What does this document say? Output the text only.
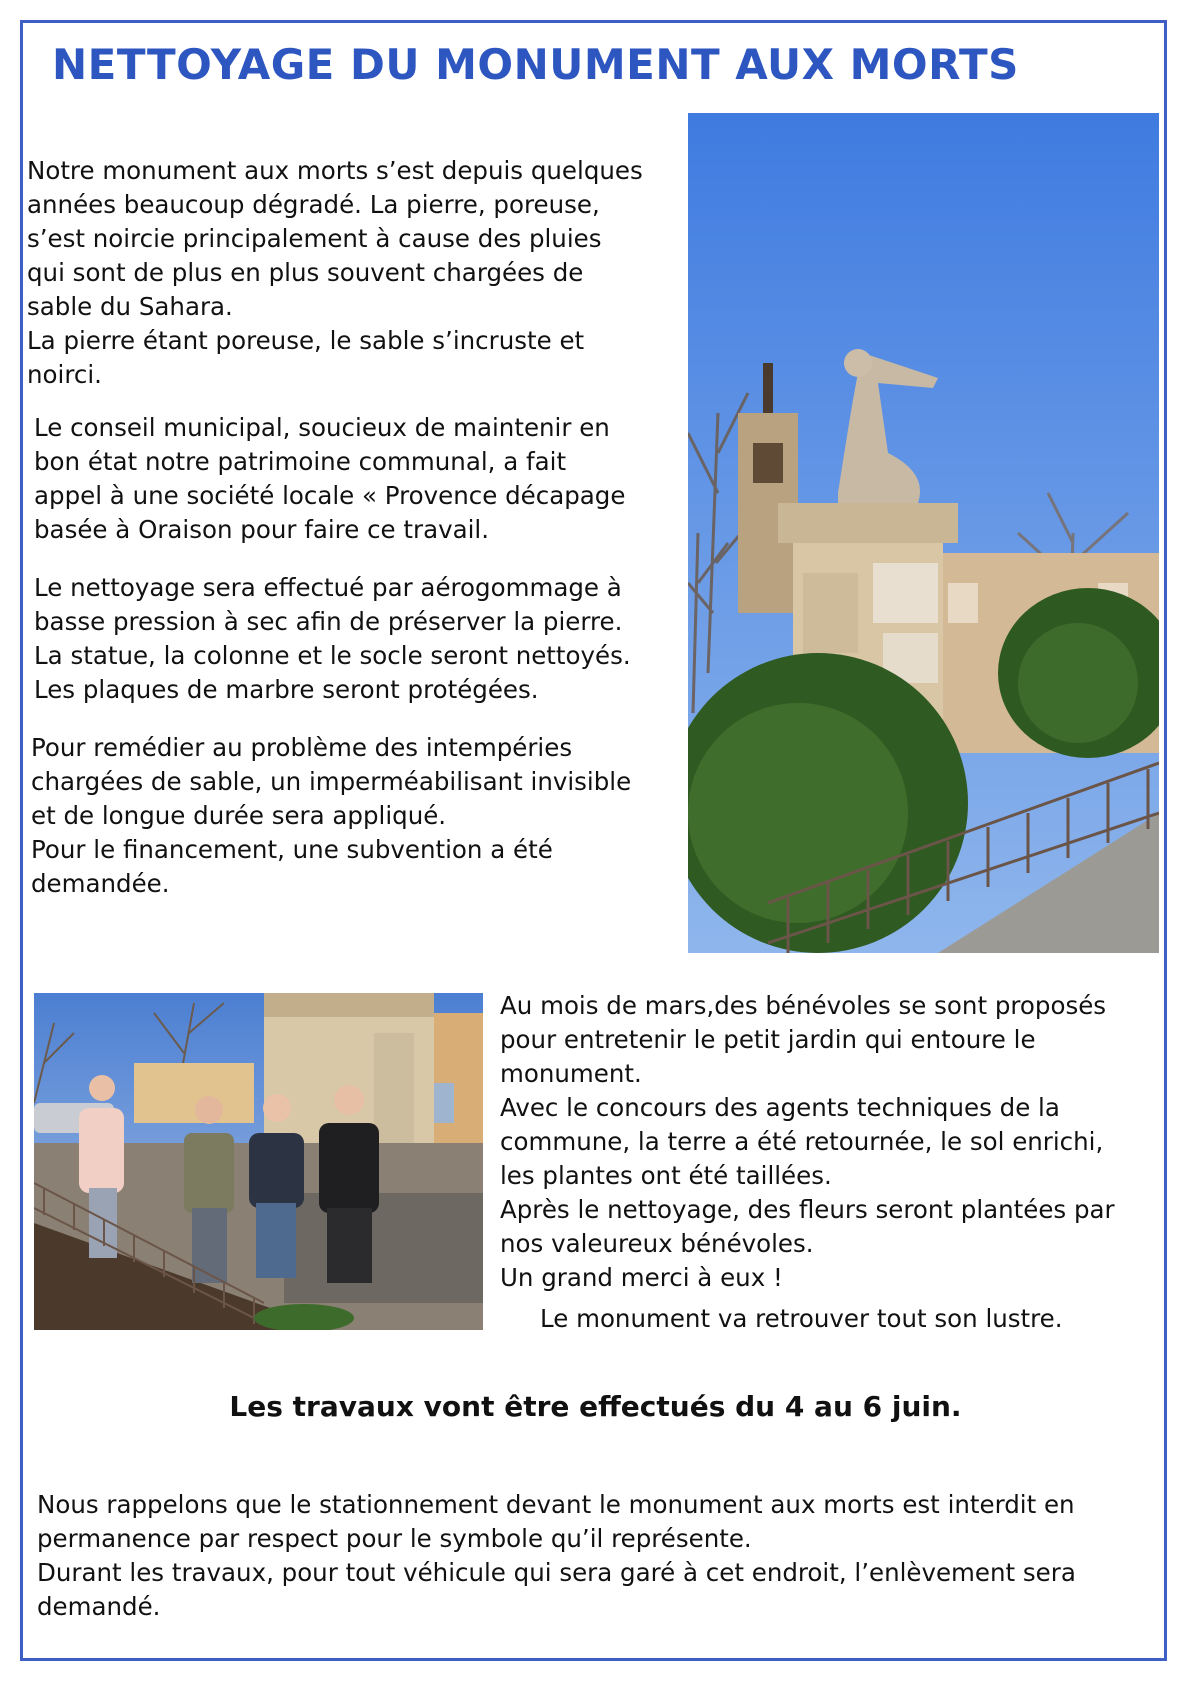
NETTOYAGE DU MONUMENT AUX MORTS

Notre monument aux morts s’est depuis quelques
années beaucoup dégradé. La pierre, poreuse,
s’est noircie principalement à cause des pluies
qui sont de plus en plus souvent chargées de
sable du Sahara.
La pierre étant poreuse, le sable s’incruste et
noirci.

Le conseil municipal, soucieux de maintenir en
bon état notre patrimoine communal, a fait
appel à une société locale « Provence décapage
basée à Oraison pour faire ce travail.

Le nettoyage sera effectué par aérogommage à
basse pression à sec afin de préserver la pierre.
La statue, la colonne et le socle seront nettoyés.
Les plaques de marbre seront protégées.

Pour remédier au problème des intempéries
chargées de sable, un imperméabilisant invisible
et de longue durée sera appliqué.
Pour le financement, une subvention a été
demandée.

Au mois de mars,des bénévoles se sont proposés
pour entretenir le petit jardin qui entoure le
monument.
Avec le concours des agents techniques de la
commune, la terre a été retournée, le sol enrichi,
les plantes ont été taillées.
Après le nettoyage, des fleurs seront plantées par
nos valeureux bénévoles.
Un grand merci à eux !

Le monument va retrouver tout son lustre.

Les travaux vont être effectués du 4 au 6 juin.

Nous rappelons que le stationnement devant le monument aux morts est interdit en
permanence par respect pour le symbole qu’il représente.
Durant les travaux, pour tout véhicule qui sera garé à cet endroit, l’enlèvement sera
demandé.
